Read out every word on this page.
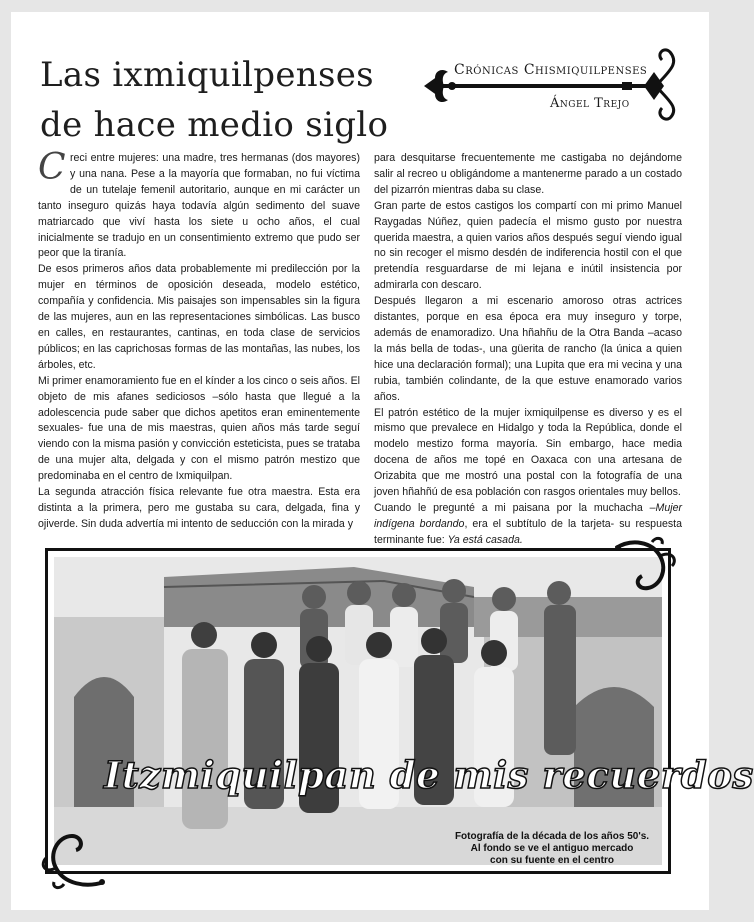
Las ixmiquilpenses
de hace medio siglo
Crónicas Chismiquilpenses
Ángel Trejo

Creci entre mujeres: una madre, tres hermanas (dos mayores) y una nana. Pese a la mayoría que formaban, no fui víctima de un tutelaje femenil autoritario, aunque en mi carácter un tanto inseguro quizás haya todavía algún sedimento del suave matriarcado que viví hasta los siete u ocho años, el cual inicialmente se tradujo en un consentimiento extremo que pudo ser peor que la tiranía.

De esos primeros años data probablemente mi predilección por la mujer en términos de oposición deseada, modelo estético, compañía y confidencia. Mis paisajes son impensables sin la figura de las mujeres, aun en las representaciones simbólicas. Las busco en calles, en restaurantes, cantinas, en toda clase de servicios públicos; en las caprichosas formas de las montañas, las nubes, los árboles, etc.

Mi primer enamoramiento fue en el kínder a los cinco o seis años. El objeto de mis afanes sediciosos –sólo hasta que llegué a la adolescencia pude saber que dichos apetitos eran eminentemente sexuales- fue una de mis maestras, quien años más tarde seguí viendo con la misma pasión y convicción esteticista, pues se trataba de una mujer alta, delgada y con el mismo patrón mestizo que predominaba en el centro de Ixmiquilpan.

La segunda atracción física relevante fue otra maestra. Esta era distinta a la primera, pero me gustaba su cara, delgada, fina y ojiverde. Sin duda advertía mi intento de seducción con la mirada y

para desquitarse frecuentemente me castigaba no dejándome salir al recreo u obligándome a mantenerme parado a un costado del pizarrón mientras daba su clase.

Gran parte de estos castigos los compartí con mi primo Manuel Raygadas Núñez, quien padecía el mismo gusto por nuestra querida maestra, a quien varios años después seguí viendo igual no sin recoger el mismo desdén de indiferencia hostil con el que pretendía resguardarse de mi lejana e inútil insistencia por admirarla con descaro.

Después llegaron a mi escenario amoroso otras actrices distantes, porque en esa época era muy inseguro y torpe, además de enamoradizo. Una hñahñu de la Otra Banda –acaso la más bella de todas-, una güerita de rancho (la única a quien hice una declaración formal); una Lupita que era mi vecina y una rubia, también colindante, de la que estuve enamorado varios años.

El patrón estético de la mujer ixmiquilpense es diverso y es el mismo que prevalece en Hidalgo y toda la República, donde el modelo mestizo forma mayoría. Sin embargo, hace media docena de años me topé en Oaxaca con una artesana de Orizabita que me mostró una postal con la fotografía de una joven hñahñú de esa población con rasgos orientales muy bellos.

Cuando le pregunté a mi paisana por la muchacha –Mujer indígena bordando, era el subtítulo de la tarjeta- su respuesta terminante fue: Ya está casada.

Itzmiquilpan de mis recuerdos

Fotografía de la década de los años 50's.

Al fondo se ve el antiguo mercado

con su fuente en el centro
